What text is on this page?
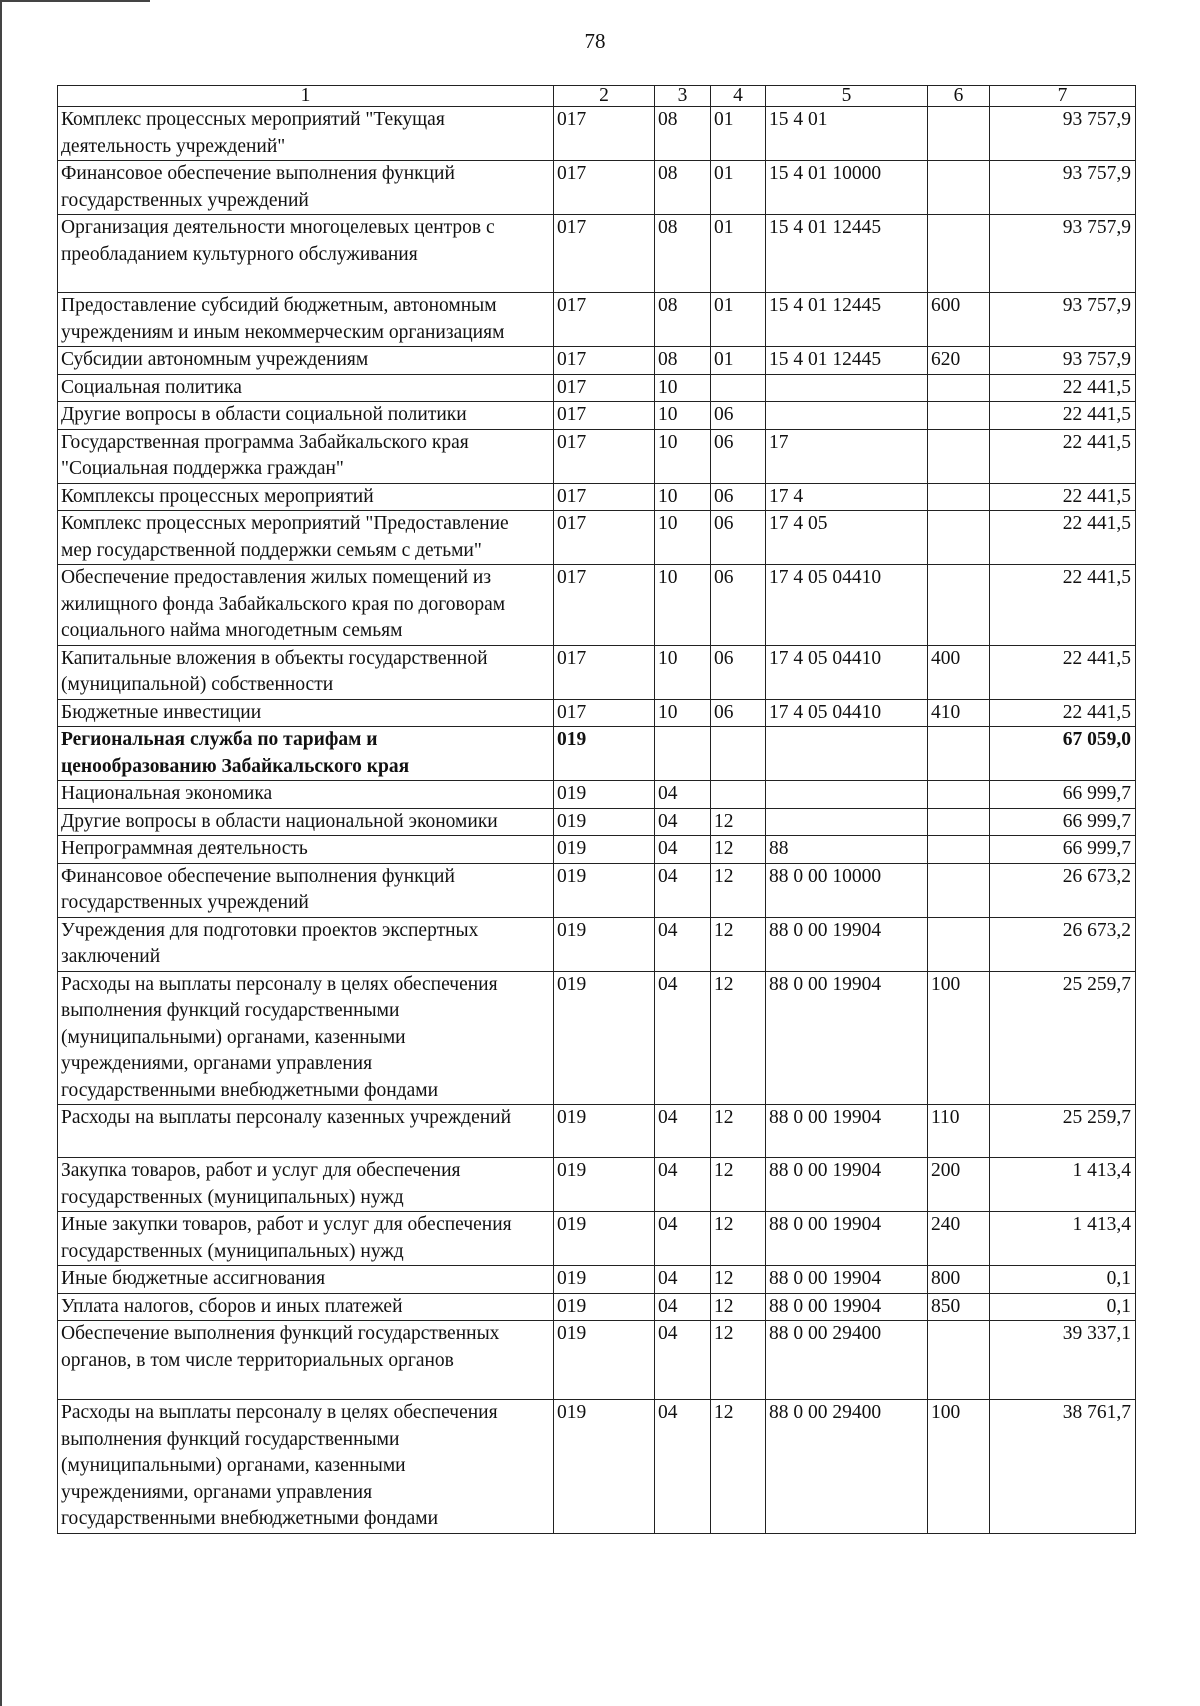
78
1	2	3	4	5	6	7
Комплекс процессных мероприятий "Текущая
деятельность учреждений"	017	08	01	15 4 01		93 757,9
Финансовое обеспечение выполнения функций
государственных учреждений	017	08	01	15 4 01 10000		93 757,9
Организация деятельности многоцелевых центров с
преобладанием культурного обслуживания	017	08	01	15 4 01 12445		93 757,9
Предоставление субсидий бюджетным, автономным
учреждениям и иным некоммерческим организациям	017	08	01	15 4 01 12445	600	93 757,9
Субсидии автономным учреждениям	017	08	01	15 4 01 12445	620	93 757,9
Социальная политика	017	10				22 441,5
Другие вопросы в области социальной политики	017	10	06			22 441,5
Государственная программа Забайкальского края
"Социальная поддержка граждан"	017	10	06	17		22 441,5
Комплексы процессных мероприятий	017	10	06	17 4		22 441,5
Комплекс процессных мероприятий "Предоставление
мер государственной поддержки семьям с детьми"	017	10	06	17 4 05		22 441,5
Обеспечение предоставления жилых помещений из
жилищного фонда Забайкальского края по договорам
социального найма многодетным семьям	017	10	06	17 4 05 04410		22 441,5
Капитальные вложения в объекты государственной
(муниципальной) собственности	017	10	06	17 4 05 04410	400	22 441,5
Бюджетные инвестиции	017	10	06	17 4 05 04410	410	22 441,5
Региональная служба по тарифам и
ценообразованию Забайкальского края	019					67 059,0
Национальная экономика	019	04				66 999,7
Другие вопросы в области национальной экономики	019	04	12			66 999,7
Непрограммная деятельность	019	04	12	88		66 999,7
Финансовое обеспечение выполнения функций
государственных учреждений	019	04	12	88 0 00 10000		26 673,2
Учреждения для подготовки проектов экспертных
заключений	019	04	12	88 0 00 19904		26 673,2
Расходы на выплаты персоналу в целях обеспечения
выполнения функций государственными
(муниципальными) органами, казенными
учреждениями, органами управления
государственными внебюджетными фондами	019	04	12	88 0 00 19904	100	25 259,7
Расходы на выплаты персоналу казенных учреждений	019	04	12	88 0 00 19904	110	25 259,7
Закупка товаров, работ и услуг для обеспечения
государственных (муниципальных) нужд	019	04	12	88 0 00 19904	200	1 413,4
Иные закупки товаров, работ и услуг для обеспечения
государственных (муниципальных) нужд	019	04	12	88 0 00 19904	240	1 413,4
Иные бюджетные ассигнования	019	04	12	88 0 00 19904	800	0,1
Уплата налогов, сборов и иных платежей	019	04	12	88 0 00 19904	850	0,1
Обеспечение выполнения функций государственных
органов, в том числе территориальных органов	019	04	12	88 0 00 29400		39 337,1
Расходы на выплаты персоналу в целях обеспечения
выполнения функций государственными
(муниципальными) органами, казенными
учреждениями, органами управления
государственными внебюджетными фондами	019	04	12	88 0 00 29400	100	38 761,7
